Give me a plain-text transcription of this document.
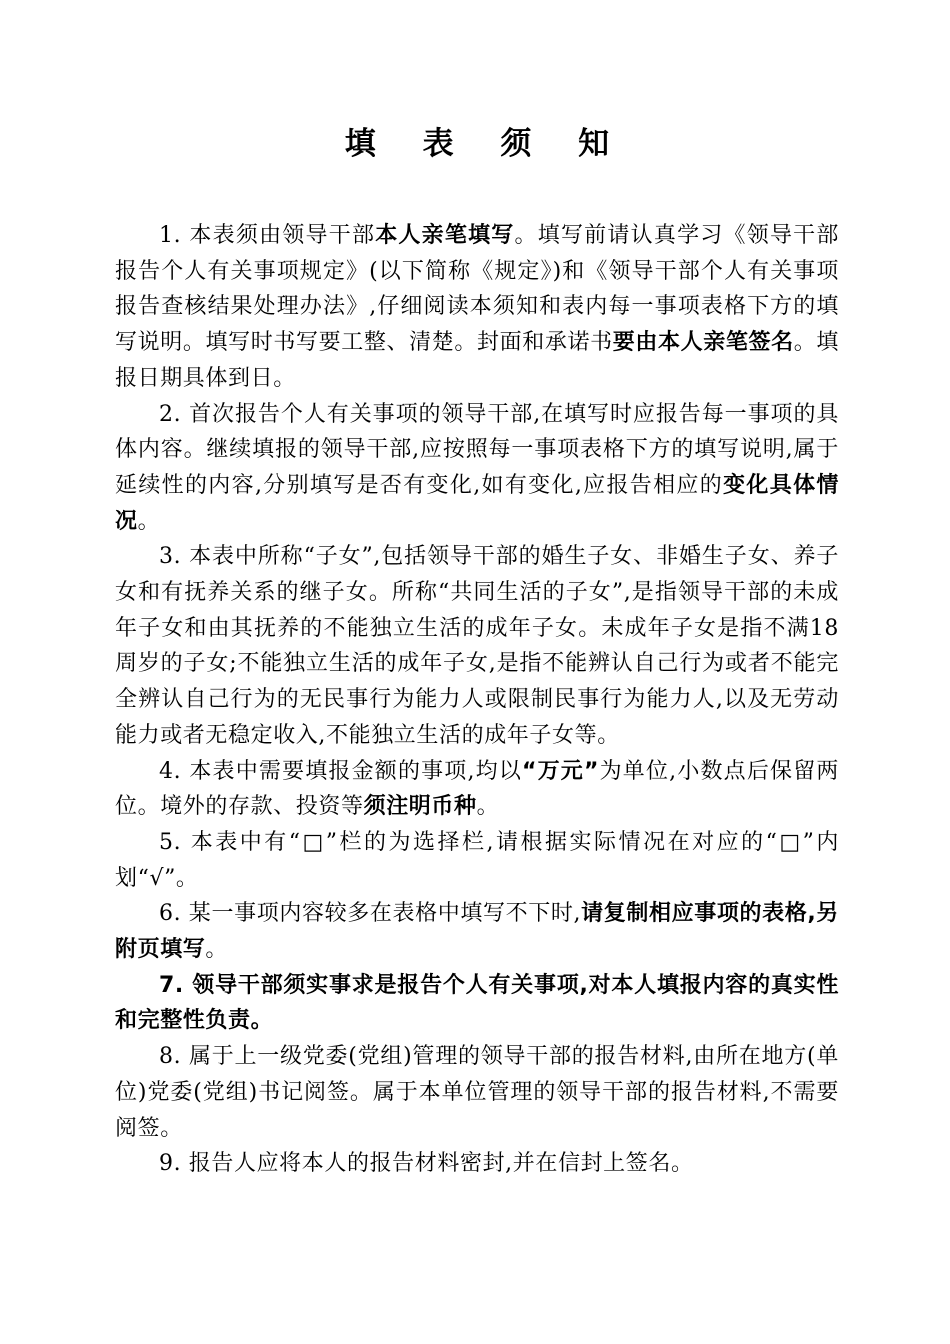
填 表 须 知

1. 本表须由领导干部本人亲笔填写。填写前请认真学习《领导干部报告个人有关事项规定》(以下简称《规定》)和《领导干部个人有关事项报告查核结果处理办法》,仔细阅读本须知和表内每一事项表格下方的填写说明。填写时书写要工整、清楚。封面和承诺书要由本人亲笔签名。填报日期具体到日。

2. 首次报告个人有关事项的领导干部,在填写时应报告每一事项的具体内容。继续填报的领导干部,应按照每一事项表格下方的填写说明,属于延续性的内容,分别填写是否有变化,如有变化,应报告相应的变化具体情况。

3. 本表中所称“子女”,包括领导干部的婚生子女、非婚生子女、养子女和有抚养关系的继子女。所称“共同生活的子女”,是指领导干部的未成年子女和由其抚养的不能独立生活的成年子女。未成年子女是指不满18周岁的子女;不能独立生活的成年子女,是指不能辨认自己行为或者不能完全辨认自己行为的无民事行为能力人或限制民事行为能力人,以及无劳动能力或者无稳定收入,不能独立生活的成年子女等。

4. 本表中需要填报金额的事项,均以“万元”为单位,小数点后保留两位。境外的存款、投资等须注明币种。

5. 本表中有“□”栏的为选择栏,请根据实际情况在对应的“□”内划“√”。

6. 某一事项内容较多在表格中填写不下时,请复制相应事项的表格,另附页填写。

7. 领导干部须实事求是报告个人有关事项,对本人填报内容的真实性和完整性负责。

8. 属于上一级党委(党组)管理的领导干部的报告材料,由所在地方(单位)党委(党组)书记阅签。属于本单位管理的领导干部的报告材料,不需要阅签。

9. 报告人应将本人的报告材料密封,并在信封上签名。
